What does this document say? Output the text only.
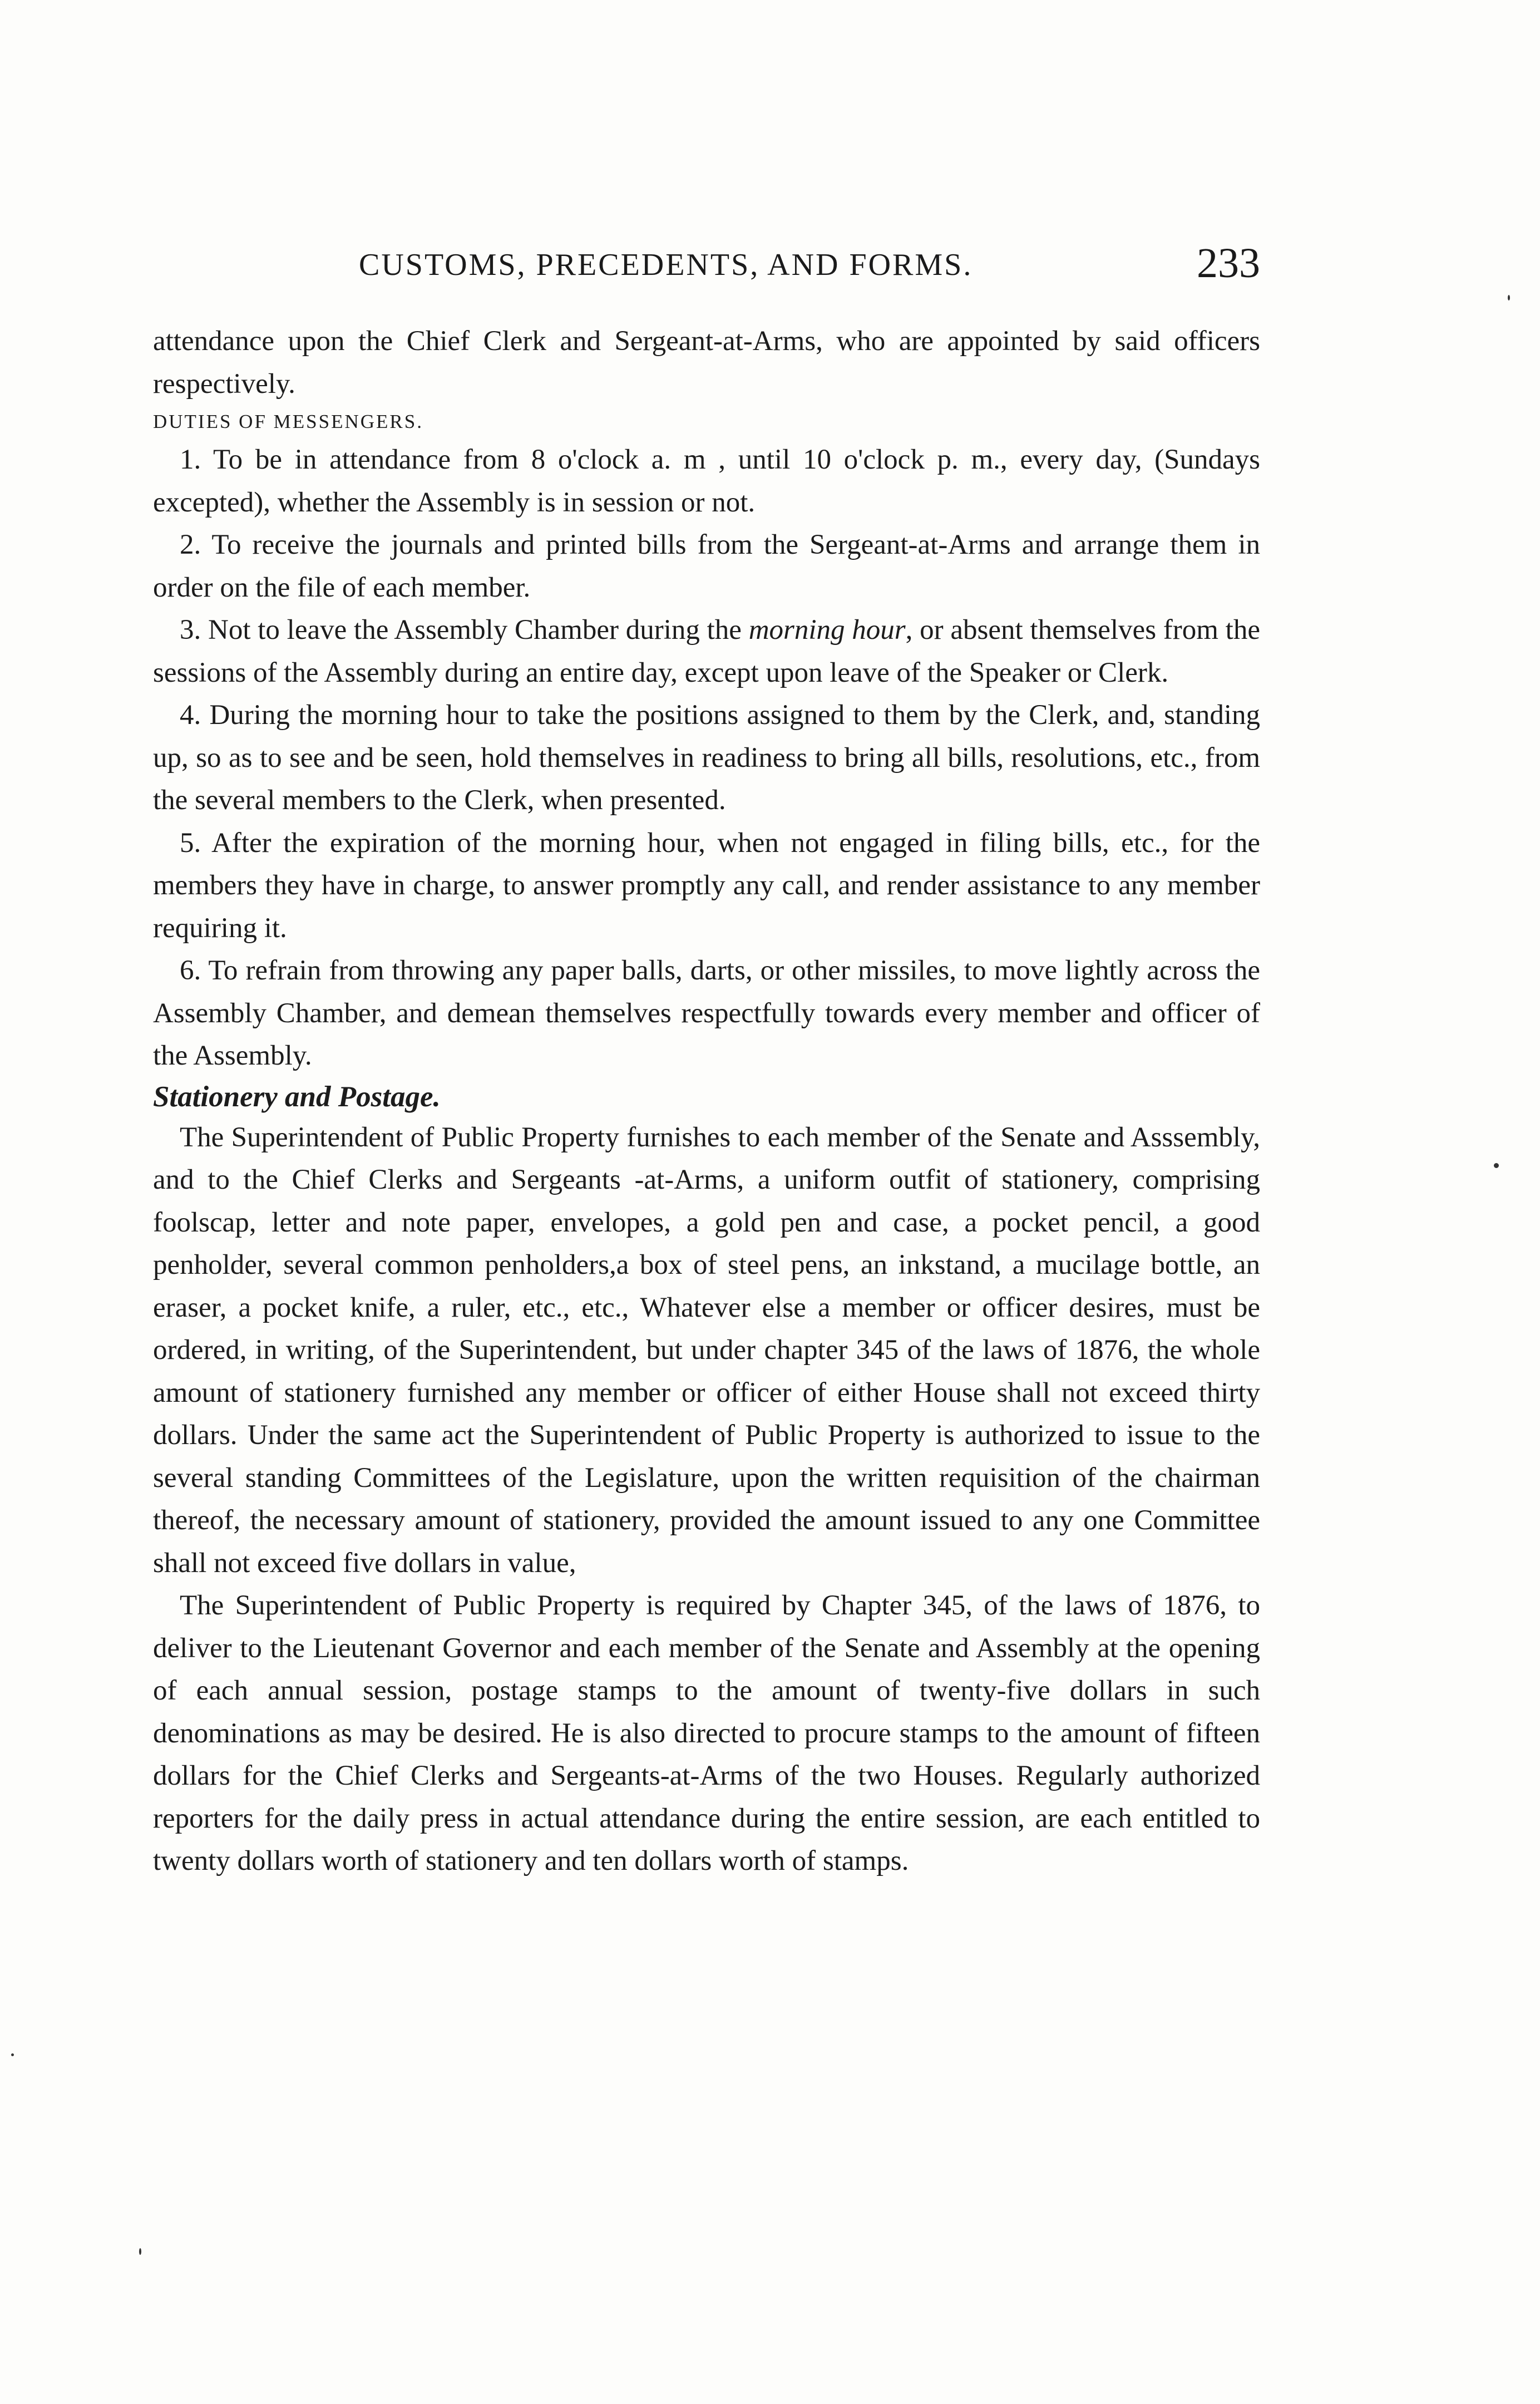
CUSTOMS, PRECEDENTS, AND FORMS.	233

attendance upon the Chief Clerk and Sergeant-at-Arms, who are appointed by said officers respectively.

DUTIES OF MESSENGERS.

1. To be in attendance from 8 o'clock a. m , until 10 o'clock p. m., every day, (Sundays excepted), whether the Assembly is in session or not.

2. To receive the journals and printed bills from the Sergeant-at-Arms and arrange them in order on the file of each member.

3. Not to leave the Assembly Chamber during the morning hour, or absent themselves from the sessions of the Assembly during an entire day, except upon leave of the Speaker or Clerk.

4. During the morning hour to take the positions assigned to them by the Clerk, and, standing up, so as to see and be seen, hold themselves in readiness to bring all bills, resolutions, etc., from the several members to the Clerk, when presented.

5. After the expiration of the morning hour, when not engaged in filing bills, etc., for the members they have in charge, to answer promptly any call, and render assistance to any member requiring it.

6. To refrain from throwing any paper balls, darts, or other missiles, to move lightly across the Assembly Chamber, and demean themselves respectfully towards every member and officer of the Assembly.

Stationery and Postage.

The Superintendent of Public Property furnishes to each member of the Senate and Asssembly, and to the Chief Clerks and Sergeants -at-Arms, a uniform outfit of stationery, comprising foolscap, letter and note paper, envelopes, a gold pen and case, a pocket pencil, a good penholder, several common penholders,a box of steel pens, an inkstand, a mucilage bottle, an eraser, a pocket knife, a ruler, etc., etc., Whatever else a member or officer desires, must be ordered, in writing, of the Superintendent, but under chapter 345 of the laws of 1876, the whole amount of stationery furnished any member or officer of either House shall not exceed thirty dollars. Under the same act the Superintendent of Public Property is authorized to issue to the several standing Committees of the Legislature, upon the written requisition of the chairman thereof, the necessary amount of stationery, provided the amount issued to any one Committee shall not exceed five dollars in value,

The Superintendent of Public Property is required by Chapter 345, of the laws of 1876, to deliver to the Lieutenant Governor and each member of the Senate and Assembly at the opening of each annual session, postage stamps to the amount of twenty-five dollars in such denominations as may be desired. He is also directed to procure stamps to the amount of fifteen dollars for the Chief Clerks and Sergeants-at-Arms of the two Houses. Regularly authorized reporters for the daily press in actual attendance during the entire session, are each entitled to twenty dollars worth of stationery and ten dollars worth of stamps.
